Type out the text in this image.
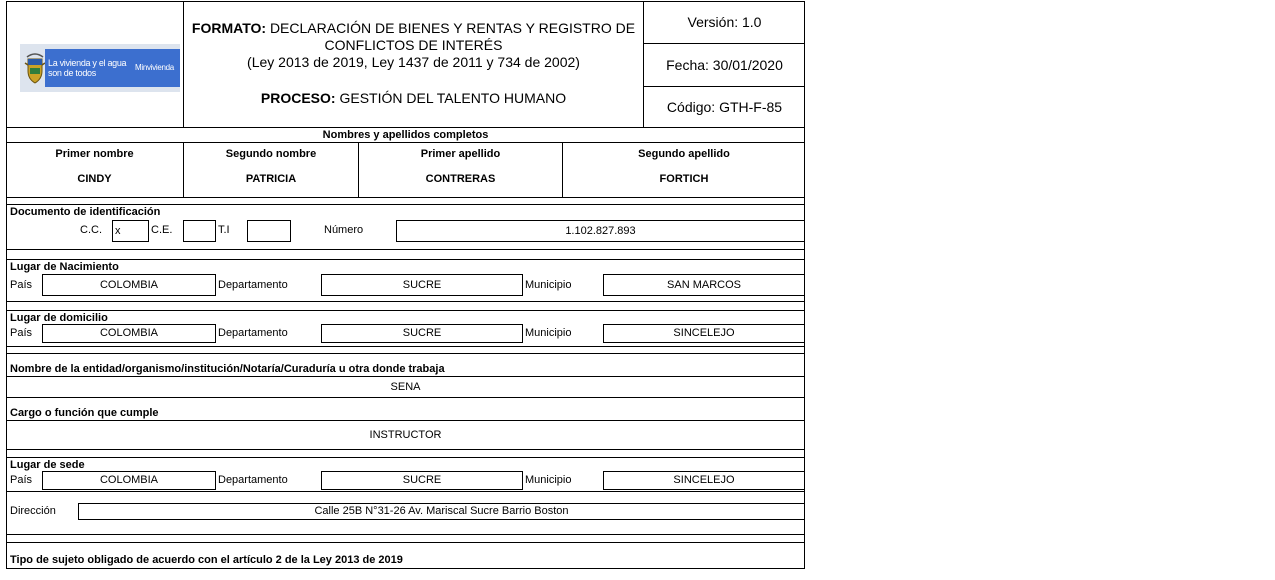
La vivienda y el agua
son de todos
Minvivienda
FORMATO: DECLARACIÓN DE BIENES Y RENTAS Y REGISTRO DE
CONFLICTOS DE INTERÉS
(Ley 2013 de 2019, Ley 1437 de 2011 y 734 de 2002)
PROCESO: GESTIÓN DEL TALENTO HUMANO
Versión: 1.0
Fecha: 30/01/2020
Código: GTH-F-85
Nombres y apellidos completos
Primer nombre
CINDY
Segundo nombre
PATRICIA
Primer apellido
CONTRERAS
Segundo apellido
FORTICH
Documento de identificación
C.C. x	C.E.	T.I	Número	1.102.827.893
Lugar de Nacimiento
País	COLOMBIA	Departamento	SUCRE	Municipio	SAN MARCOS
Lugar de domicilio
País	COLOMBIA	Departamento	SUCRE	Municipio	SINCELEJO
Nombre de la entidad/organismo/institución/Notaría/Curaduría u otra donde trabaja
SENA
Cargo o función que cumple
INSTRUCTOR
Lugar de sede
País	COLOMBIA	Departamento	SUCRE	Municipio	SINCELEJO
Dirección	Calle 25B N°31-26 Av. Mariscal Sucre Barrio Boston
Tipo de sujeto obligado de acuerdo con el artículo 2 de la Ley 2013 de 2019
